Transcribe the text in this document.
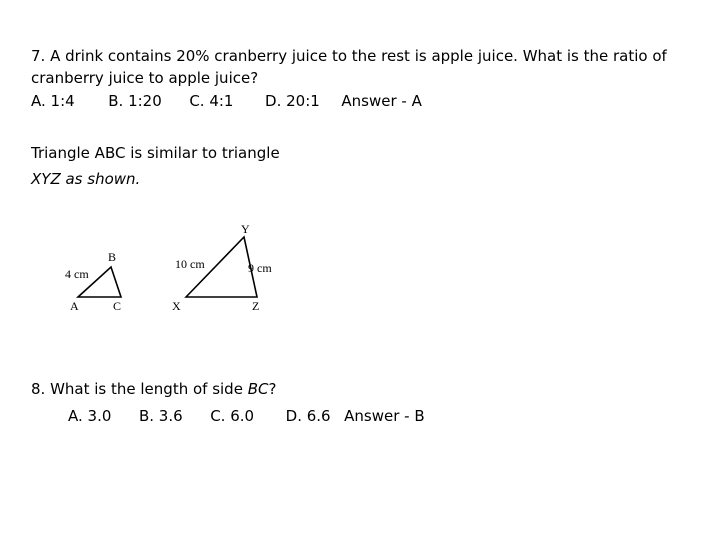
7. A drink contains 20% cranberry juice to the rest is apple juice. What is the ratio of
cranberry juice to apple juice?
A. 1:4 B. 1:20 C. 4:1 D. 20:1 Answer - A
Triangle ABC is similar to triangle
XYZ as shown.
B
A	C
4 cm
Y
X	Z
10 cm	9 cm
8. What is the length of side BC?
A. 3.0 B. 3.6 C. 6.0 D. 6.6 Answer - B
